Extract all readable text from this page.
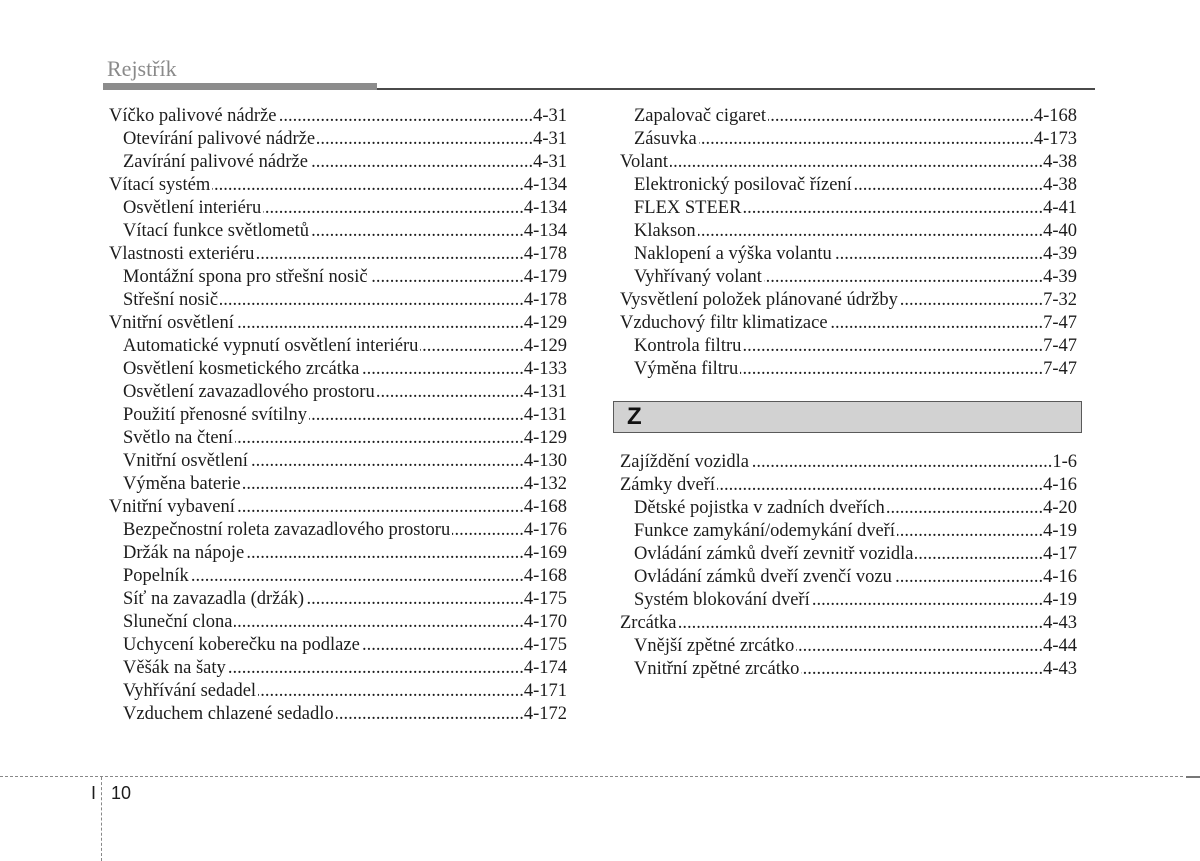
Rejstřík
Víčko palivové nádrže .....	4-31
Otevírání palivové nádrže .....	4-31
Zavírání palivové nádrže .....	4-31
Vítací systém .....	4-134
Osvětlení interiéru .....	4-134
Vítací funkce světlometů .....	4-134
Vlastnosti exteriéru .....	4-178
Montážní spona pro střešní nosič .....	4-179
Střešní nosič .....	4-178
Vnitřní osvětlení .....	4-129
Automatické vypnutí osvětlení interiéru .....	4-129
Osvětlení kosmetického zrcátka .....	4-133
Osvětlení zavazadlového prostoru .....	4-131
Použití přenosné svítilny .....	4-131
Světlo na čtení .....	4-129
Vnitřní osvětlení .....	4-130
Výměna baterie .....	4-132
Vnitřní vybavení .....	4-168
Bezpečnostní roleta zavazadlového prostoru .....	4-176
Držák na nápoje .....	4-169
Popelník .....	4-168
Síť na zavazadla (držák) .....	4-175
Sluneční clona .....	4-170
Uchycení koberečku na podlaze .....	4-175
Věšák na šaty .....	4-174
Vyhřívání sedadel .....	4-171
Vzduchem chlazené sedadlo .....	4-172
Zapalovač cigaret .....	4-168
Zásuvka .....	4-173
Volant .....	4-38
Elektronický posilovač řízení .....	4-38
FLEX STEER .....	4-41
Klakson .....	4-40
Naklopení a výška volantu .....	4-39
Vyhřívaný volant .....	4-39
Vysvětlení položek plánované údržby .....	7-32
Vzduchový filtr klimatizace .....	7-47
Kontrola filtru .....	7-47
Výměna filtru .....	7-47
Z
Zajíždění vozidla .....	1-6
Zámky dveří .....	4-16
Dětské pojistka v zadních dveřích .....	4-20
Funkce zamykání/odemykání dveří .....	4-19
Ovládání zámků dveří zevnitř vozidla .....	4-17
Ovládání zámků dveří zvenčí vozu .....	4-16
Systém blokování dveří .....	4-19
Zrcátka .....	4-43
Vnější zpětné zrcátko .....	4-44
Vnitřní zpětné zrcátko .....	4-43
I 10
